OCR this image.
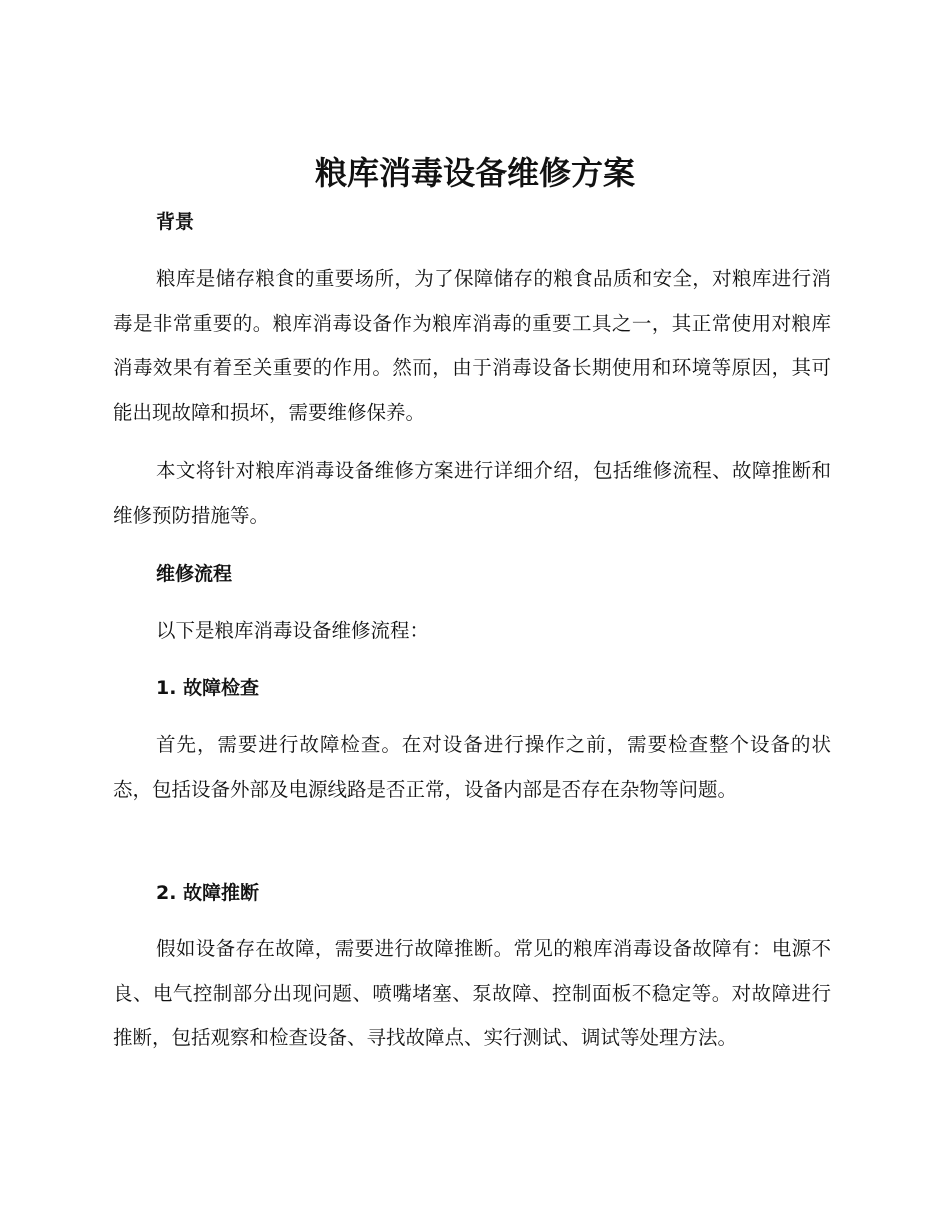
粮库消毒设备维修方案
背景

粮库是储存粮食的重要场所，为了保障储存的粮食品质和安全，对粮库进行消毒是非常重要的。粮库消毒设备作为粮库消毒的重要工具之一，其正常使用对粮库消毒效果有着至关重要的作用。然而，由于消毒设备长期使用和环境等原因，其可能出现故障和损坏，需要维修保养。

本文将针对粮库消毒设备维修方案进行详细介绍，包括维修流程、故障推断和维修预防措施等。

维修流程

以下是粮库消毒设备维修流程：

1. 故障检查

首先，需要进行故障检查。在对设备进行操作之前，需要检查整个设备的状态，包括设备外部及电源线路是否正常，设备内部是否存在杂物等问题。

2. 故障推断

假如设备存在故障，需要进行故障推断。常见的粮库消毒设备故障有：电源不良、电气控制部分出现问题、喷嘴堵塞、泵故障、控制面板不稳定等。对故障进行推断，包括观察和检查设备、寻找故障点、实行测试、调试等处理方法。
